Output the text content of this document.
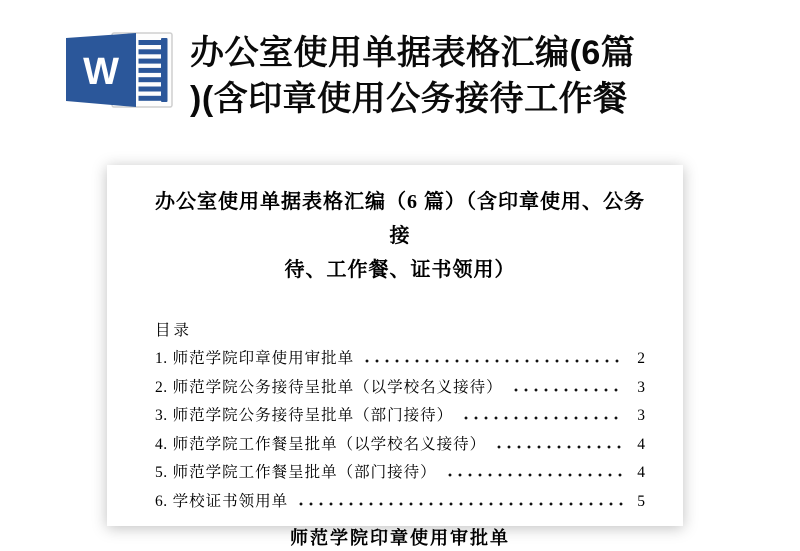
W 办公室使用单据表格汇编(6篇
)(含印章使用公务接待工作餐
办公室使用单据表格汇编（6 篇）（含印章使用、公务接
待、工作餐、证书领用）
目录
1. 师范学院印章使用审批单	2
2. 师范学院公务接待呈批单（以学校名义接待）	3
3. 师范学院公务接待呈批单（部门接待）	3
4. 师范学院工作餐呈批单（以学校名义接待）	4
5. 师范学院工作餐呈批单（部门接待）	4
6. 学校证书领用单	5
师范学院印章使用审批单
